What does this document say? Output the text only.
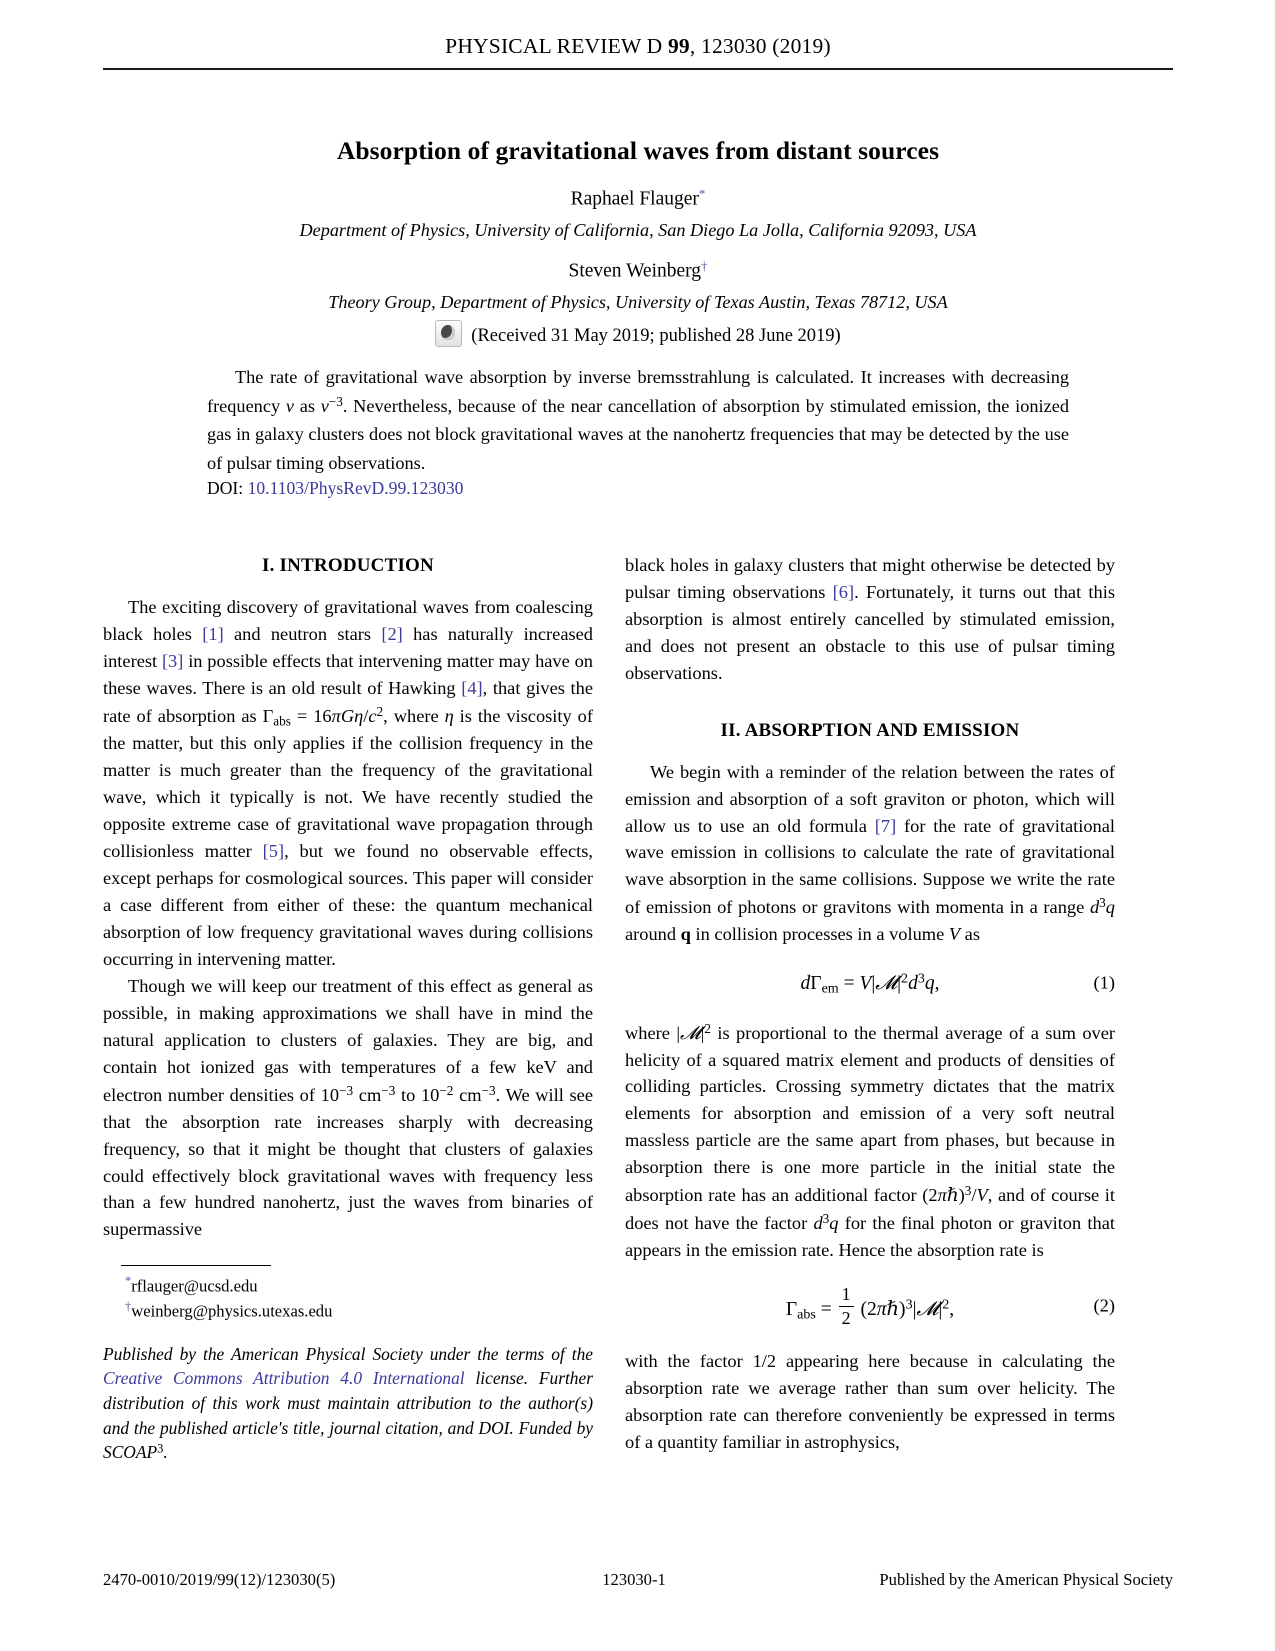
PHYSICAL REVIEW D 99, 123030 (2019)
Absorption of gravitational waves from distant sources
Raphael Flauger*
Department of Physics, University of California, San Diego La Jolla, California 92093, USA
Steven Weinberg†
Theory Group, Department of Physics, University of Texas Austin, Texas 78712, USA
(Received 31 May 2019; published 28 June 2019)
The rate of gravitational wave absorption by inverse bremsstrahlung is calculated. It increases with decreasing frequency ν as $\nu^{-3}$. Nevertheless, because of the near cancellation of absorption by stimulated emission, the ionized gas in galaxy clusters does not block gravitational waves at the nanohertz frequencies that may be detected by the use of pulsar timing observations.
DOI: 10.1103/PhysRevD.99.123030
I. INTRODUCTION

The exciting discovery of gravitational waves from coalescing black holes [1] and neutron stars [2] has naturally increased interest [3] in possible effects that intervening matter may have on these waves. There is an old result of Hawking [4], that gives the rate of absorption as $\Gamma abs = 16\pi G\eta/c^2$, where η is the viscosity of the matter, but this only applies if the collision frequency in the matter is much greater than the frequency of the gravitational wave, which it typically is not. We have recently studied the opposite extreme case of gravitational wave propagation through collisionless matter [5], but we found no observable effects, except perhaps for cosmological sources. This paper will consider a case different from either of these: the quantum mechanical absorption of low frequency gravitational waves during collisions occurring in intervening matter.

Though we will keep our treatment of this effect as general as possible, in making approximations we shall have in mind the natural application to clusters of galaxies. They are big, and contain hot ionized gas with temperatures of a few keV and electron number densities of $10^{-3}$ $cm^{-3}$ to $10^{-2}$ $cm^{-3}$. We will see that the absorption rate increases sharply with decreasing frequency, so that it might be thought that clusters of galaxies could effectively block gravitational waves with frequency less than a few hundred nanohertz, just the waves from binaries of supermassive

*rflauger@ucsd.edu

†weinberg@physics.utexas.edu

Published by the American Physical Society under the terms of the Creative Commons Attribution 4.0 International license. Further distribution of this work must maintain attribution to the author(s) and the published article's title, journal citation, and DOI. Funded by SCOAP$^3$.

black holes in galaxy clusters that might otherwise be detected by pulsar timing observations [6]. Fortunately, it turns out that this absorption is almost entirely cancelled by stimulated emission, and does not present an obstacle to this use of pulsar timing observations.

II. ABSORPTION AND EMISSION

We begin with a reminder of the relation between the rates of emission and absorption of a soft graviton or photon, which will allow us to use an old formula [7] for the rate of gravitational wave emission in collisions to calculate the rate of gravitational wave absorption in the same collisions. Suppose we write the rate of emission of photons or gravitons with momenta in a range $d^3q$ around q in collision processes in a volume V as

$d\Gamma em = V|𝓜|^2d^3q$,	(1)

where $|𝓜|^2$ is proportional to the thermal average of a sum over helicity of a squared matrix element and products of densities of colliding particles. Crossing symmetry dictates that the matrix elements for absorption and emission of a very soft neutral massless particle are the same apart from phases, but because in absorption there is one more particle in the initial state the absorption rate has an additional factor (2πℏ)$^3$/V, and of course it does not have the factor $d^3q$ for the final photon or graviton that appears in the emission rate. Hence the absorption rate is

$\Gamma abs = \frac{1}{2}$ $(2\pi\hbar)^3|𝓜|^2$,	(2)

with the factor 1/2 appearing here because in calculating the absorption rate we average rather than sum over helicity. The absorption rate can therefore conveniently be expressed in terms of a quantity familiar in astrophysics,

2470-0010/2019/99(12)/123030(5)	123030-1	Published by the American Physical Society
